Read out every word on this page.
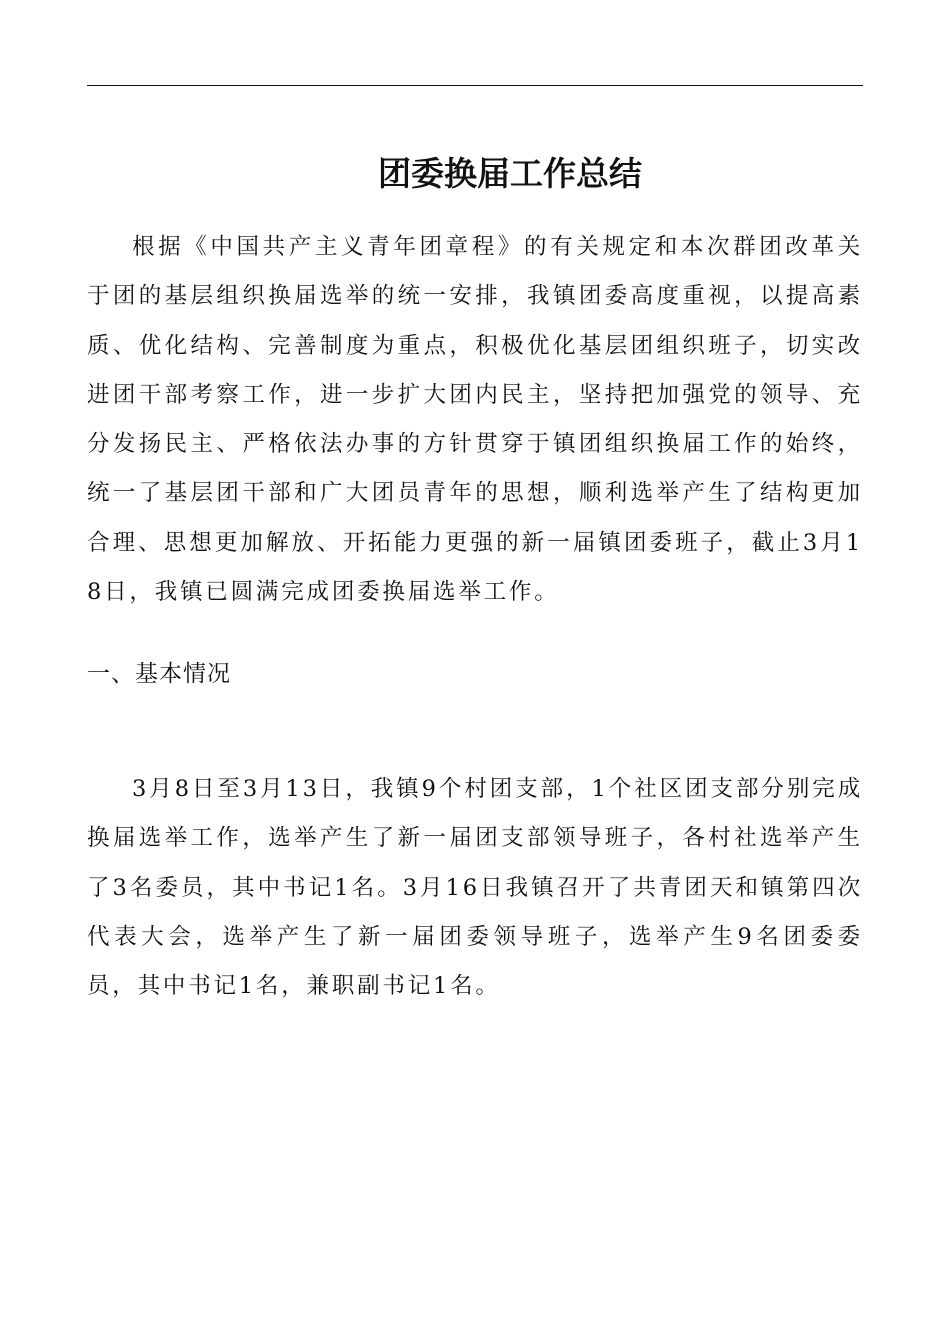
团委换届工作总结

根据《中国共产主义青年团章程》的有关规定和本次群团改革关于团的基层组织换届选举的统一安排，我镇团委高度重视，以提高素质、优化结构、完善制度为重点，积极优化基层团组织班子，切实改进团干部考察工作，进一步扩大团内民主，坚持把加强党的领导、充分发扬民主、严格依法办事的方针贯穿于镇团组织换届工作的始终，统一了基层团干部和广大团员青年的思想，顺利选举产生了结构更加合理、思想更加解放、开拓能力更强的新一届镇团委班子，截止3月18日，我镇已圆满完成团委换届选举工作。

一、基本情况

3月8日至3月13日，我镇9个村团支部，1个社区团支部分别完成换届选举工作，选举产生了新一届团支部领导班子，各村社选举产生了3名委员，其中书记1名。3月16日我镇召开了共青团天和镇第四次代表大会，选举产生了新一届团委领导班子，选举产生9名团委委员，其中书记1名，兼职副书记1名。
